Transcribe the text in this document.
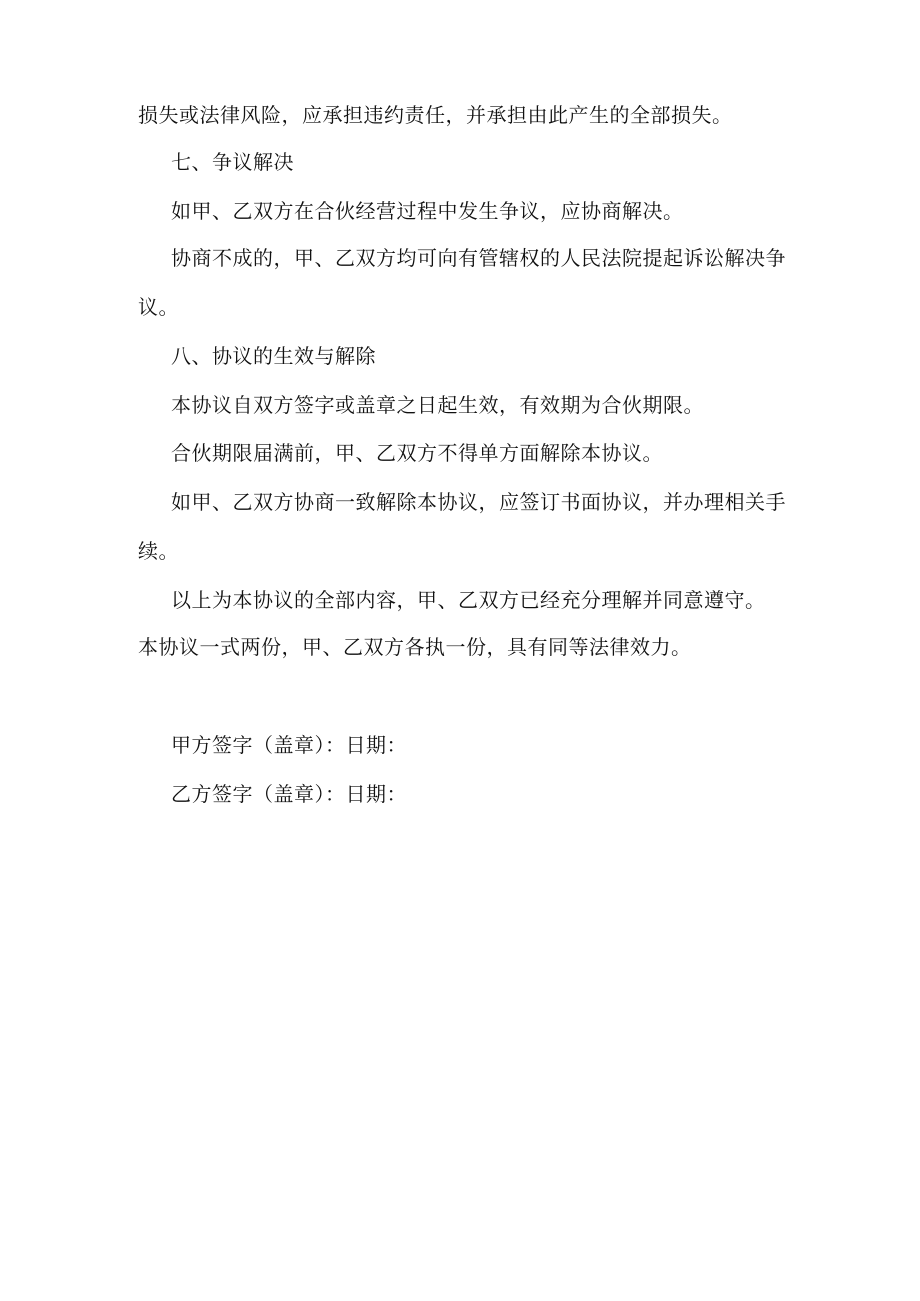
损失或法律风险，应承担违约责任，并承担由此产生的全部损失。
七、争议解决
如甲、乙双方在合伙经营过程中发生争议，应协商解决。
协商不成的，甲、乙双方均可向有管辖权的人民法院提起诉讼解决争
议。
八、协议的生效与解除
本协议自双方签字或盖章之日起生效，有效期为合伙期限。
合伙期限届满前，甲、乙双方不得单方面解除本协议。
如甲、乙双方协商一致解除本协议，应签订书面协议，并办理相关手
续。
以上为本协议的全部内容，甲、乙双方已经充分理解并同意遵守。
本协议一式两份，甲、乙双方各执一份，具有同等法律效力。
甲方签字（盖章）：日期：
乙方签字（盖章）：日期：
